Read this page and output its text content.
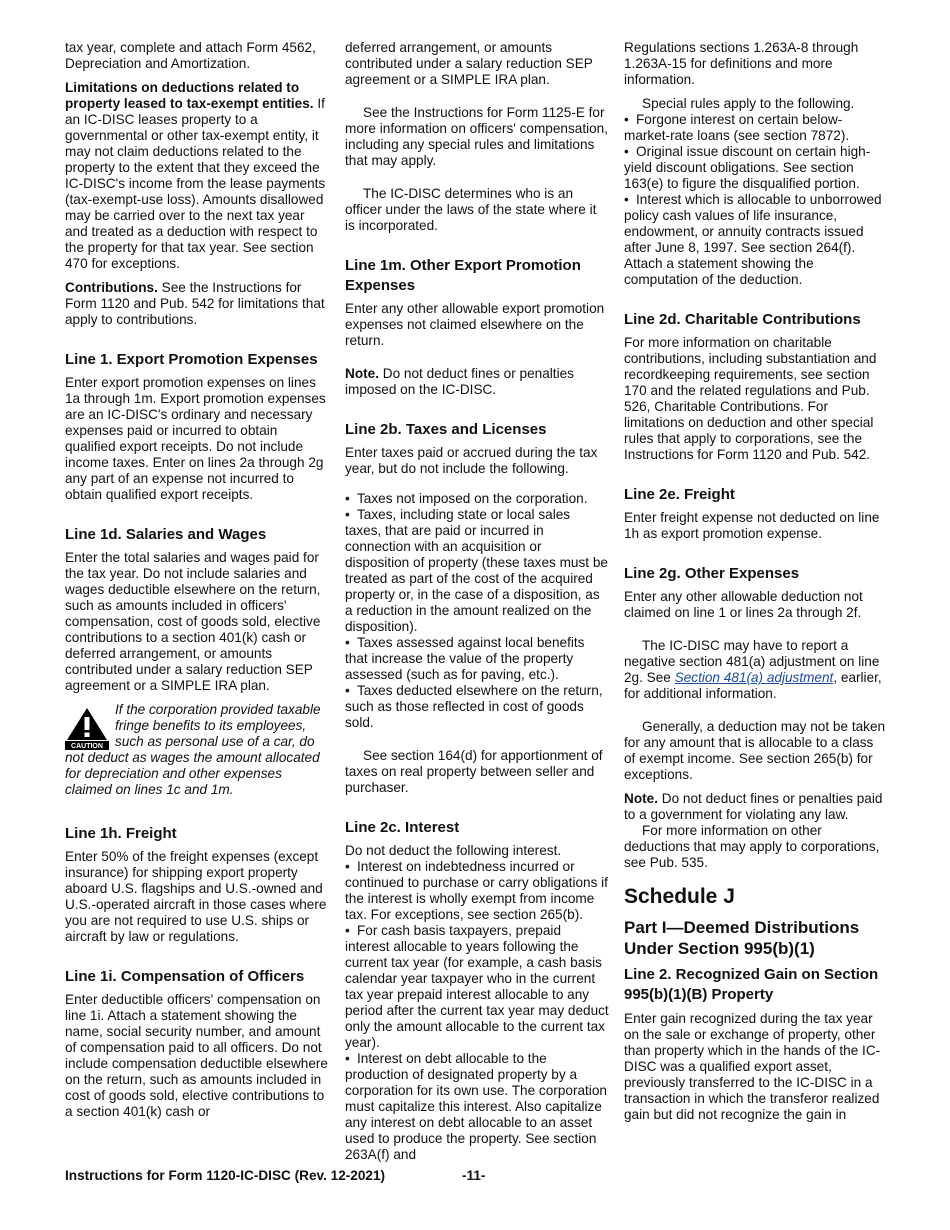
tax year, complete and attach Form 4562, Depreciation and Amortization.

Limitations on deductions related to property leased to tax-exempt entities. If an IC-DISC leases property to a governmental or other tax-exempt entity, it may not claim deductions related to the property to the extent that they exceed the IC-DISC's income from the lease payments (tax-exempt-use loss). Amounts disallowed may be carried over to the next tax year and treated as a deduction with respect to the property for that tax year. See section 470 for exceptions.

Contributions. See the Instructions for Form 1120 and Pub. 542 for limitations that apply to contributions.

Line 1. Export Promotion Expenses

Enter export promotion expenses on lines 1a through 1m. Export promotion expenses are an IC-DISC's ordinary and necessary expenses paid or incurred to obtain qualified export receipts. Do not include income taxes. Enter on lines 2a through 2g any part of an expense not incurred to obtain qualified export receipts.

Line 1d. Salaries and Wages

Enter the total salaries and wages paid for the tax year. Do not include salaries and wages deductible elsewhere on the return, such as amounts included in officers' compensation, cost of goods sold, elective contributions to a section 401(k) cash or deferred arrangement, or amounts contributed under a salary reduction SEP agreement or a SIMPLE IRA plan.

CAUTION
If the corporation provided taxable fringe benefits to its employees, such as personal use of a car, do not deduct as wages the amount allocated for depreciation and other expenses claimed on lines 1c and 1m.
Line 1h. Freight

Enter 50% of the freight expenses (except insurance) for shipping export property aboard U.S. flagships and U.S.-owned and U.S.-operated aircraft in those cases where you are not required to use U.S. ships or aircraft by law or regulations.

Line 1i. Compensation of Officers

Enter deductible officers' compensation on line 1i. Attach a statement showing the name, social security number, and amount of compensation paid to all officers. Do not include compensation deductible elsewhere on the return, such as amounts included in cost of goods sold, elective contributions to a section 401(k) cash or

deferred arrangement, or amounts contributed under a salary reduction SEP agreement or a SIMPLE IRA plan.

See the Instructions for Form 1125-E for more information on officers' compensation, including any special rules and limitations that may apply.

The IC-DISC determines who is an officer under the laws of the state where it is incorporated.

Line 1m. Other Export Promotion Expenses

Enter any other allowable export promotion expenses not claimed elsewhere on the return.

Note. Do not deduct fines or penalties imposed on the IC-DISC.

Line 2b. Taxes and Licenses

Enter taxes paid or accrued during the tax year, but do not include the following.

• Taxes not imposed on the corporation.

• Taxes, including state or local sales taxes, that are paid or incurred in connection with an acquisition or disposition of property (these taxes must be treated as part of the cost of the acquired property or, in the case of a disposition, as a reduction in the amount realized on the disposition).

• Taxes assessed against local benefits that increase the value of the property assessed (such as for paving, etc.).

• Taxes deducted elsewhere on the return, such as those reflected in cost of goods sold.

See section 164(d) for apportionment of taxes on real property between seller and purchaser.

Line 2c. Interest

Do not deduct the following interest.

• Interest on indebtedness incurred or continued to purchase or carry obligations if the interest is wholly exempt from income tax. For exceptions, see section 265(b).

• For cash basis taxpayers, prepaid interest allocable to years following the current tax year (for example, a cash basis calendar year taxpayer who in the current tax year prepaid interest allocable to any period after the current tax year may deduct only the amount allocable to the current tax year).

• Interest on debt allocable to the production of designated property by a corporation for its own use. The corporation must capitalize this interest. Also capitalize any interest on debt allocable to an asset used to produce the property. See section 263A(f) and

Regulations sections 1.263A-8 through 1.263A-15 for definitions and more information.

Special rules apply to the following.

• Forgone interest on certain below-market-rate loans (see section 7872).

• Original issue discount on certain high-yield discount obligations. See section 163(e) to figure the disqualified portion.

• Interest which is allocable to unborrowed policy cash values of life insurance, endowment, or annuity contracts issued after June 8, 1997. See section 264(f). Attach a statement showing the computation of the deduction.

Line 2d. Charitable Contributions

For more information on charitable contributions, including substantiation and recordkeeping requirements, see section 170 and the related regulations and Pub. 526, Charitable Contributions. For limitations on deduction and other special rules that apply to corporations, see the Instructions for Form 1120 and Pub. 542.

Line 2e. Freight

Enter freight expense not deducted on line 1h as export promotion expense.

Line 2g. Other Expenses

Enter any other allowable deduction not claimed on line 1 or lines 2a through 2f.

The IC-DISC may have to report a negative section 481(a) adjustment on line 2g. See Section 481(a) adjustment, earlier, for additional information.

Generally, a deduction may not be taken for any amount that is allocable to a class of exempt income. See section 265(b) for exceptions.

Note. Do not deduct fines or penalties paid to a government for violating any law.

For more information on other deductions that may apply to corporations, see Pub. 535.

Schedule J
Part I—Deemed Distributions Under Section 995(b)(1)
Line 2. Recognized Gain on Section 995(b)(1)(B) Property

Enter gain recognized during the tax year on the sale or exchange of property, other than property which in the hands of the IC-DISC was a qualified export asset, previously transferred to the IC-DISC in a transaction in which the transferor realized gain but did not recognize the gain in

Instructions for Form 1120-IC-DISC (Rev. 12-2021)	-11-
